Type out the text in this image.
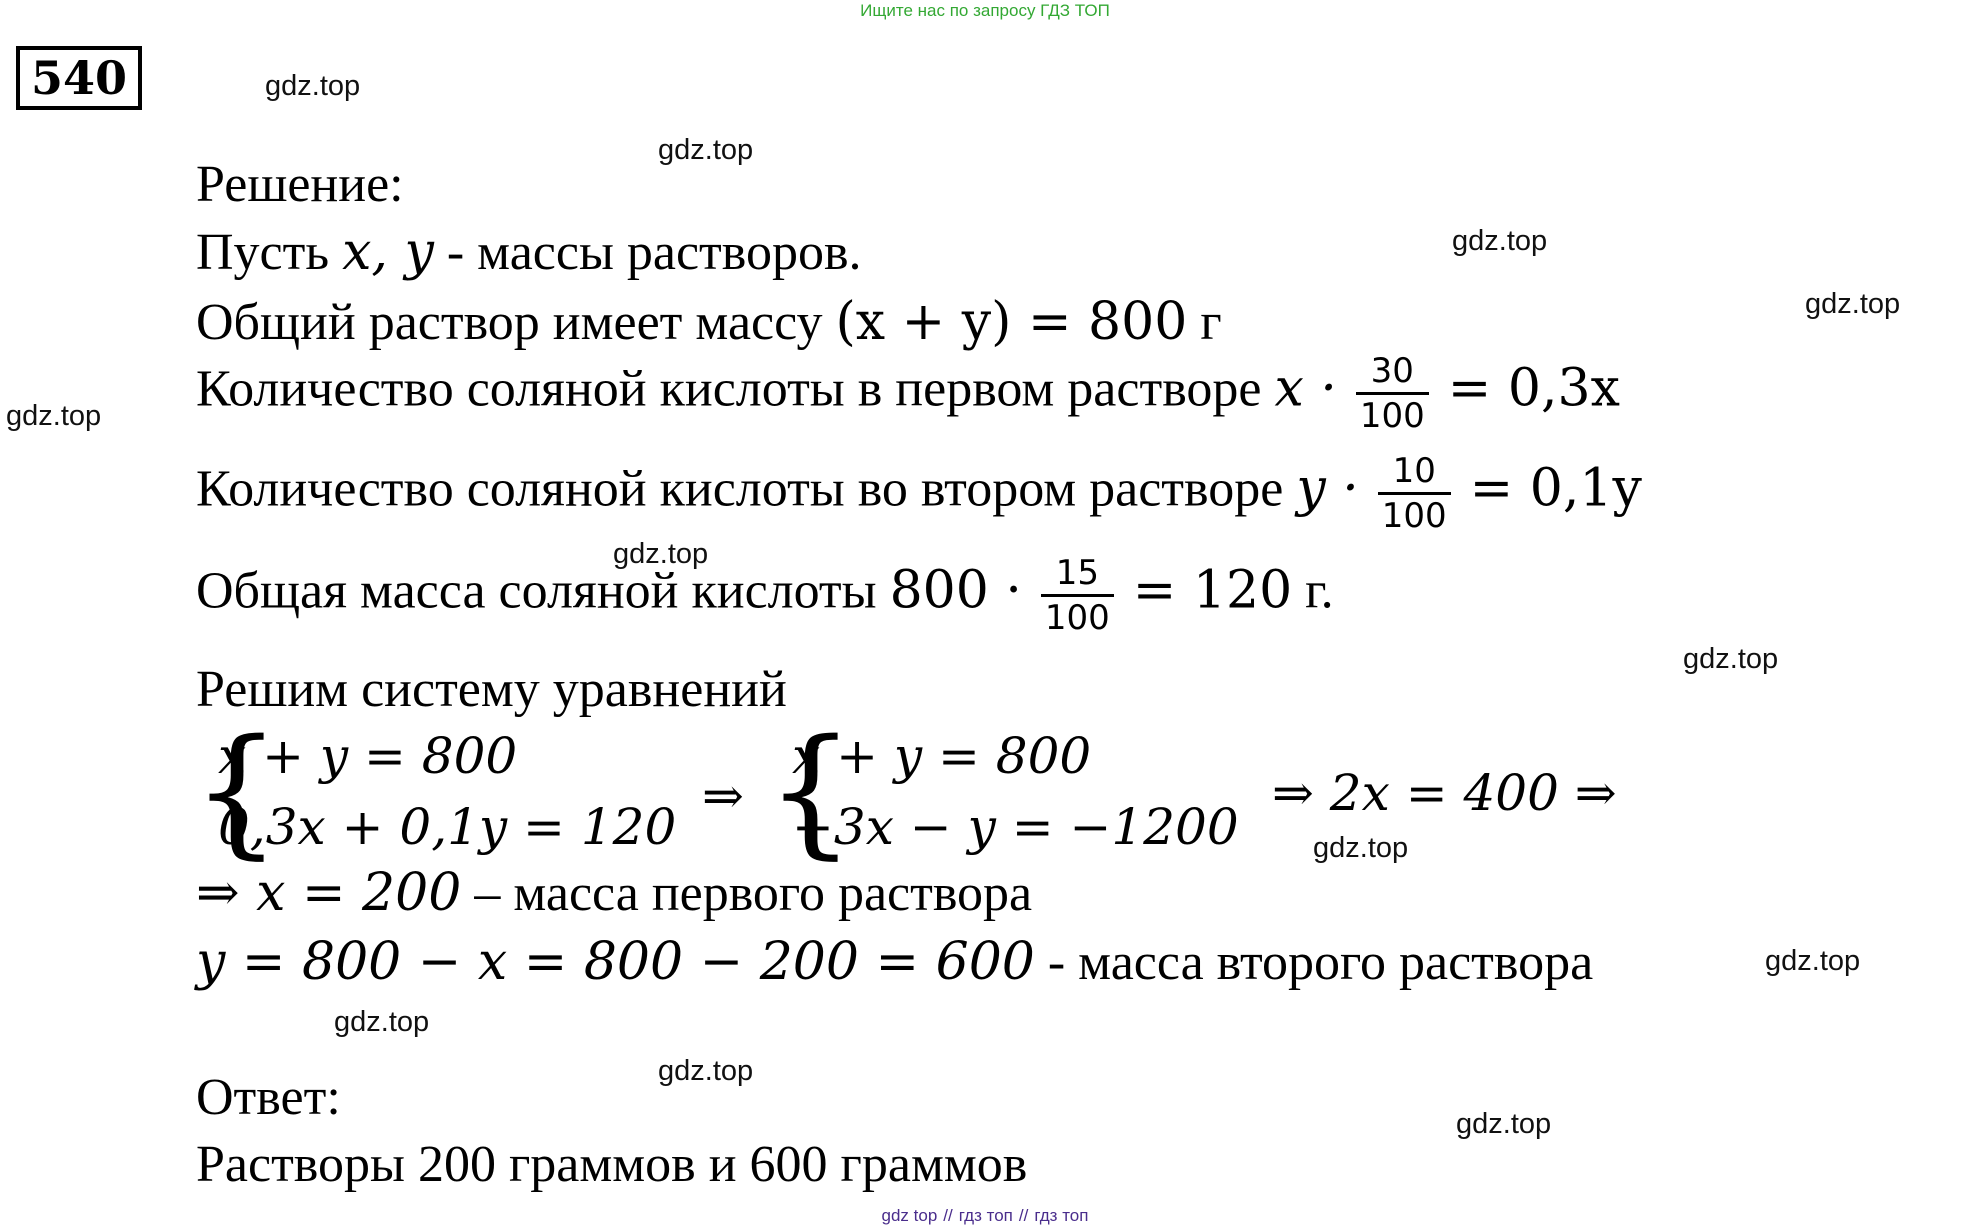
Ищите нас по запросу ГДЗ ТОП
540	gdz.top
gdz.top
gdz.top
gdz.top
gdz.top
gdz.top
gdz.top
gdz.top
gdz.top
gdz.top
gdz.top
gdz.top
Решение:
Пусть x, y - массы растворов.
Общий раствор имеет массу (x + y) = 800 г
Количество соляной кислоты в первом растворе $x \cdot \frac{30}{100} = 0,3x$
Количество соляной кислоты во втором растворе $y \cdot \frac{10}{100} = 0,1y$
Общая масса соляной кислоты $800 \cdot \frac{15}{100} = 120$ г.
Решим систему уравнений
{
x + y = 800
0,3x + 0,1y = 120
⇒ {
x + y = 800
−3x − y = −1200
⇒ 2x = 400 ⇒
⇒ x = 200 – масса первого раствора
y = 800 − x = 800 − 200 = 600 - масса второго раствора
Ответ:
Растворы 200 граммов и 600 граммов
gdz top // гдз топ // гдз топ
